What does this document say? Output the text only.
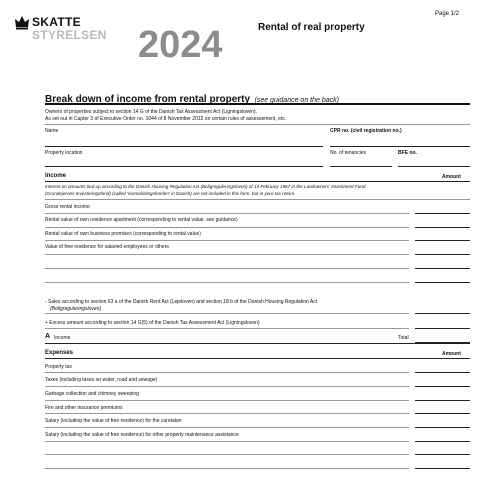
Page 1/2
SKATTE
STYRELSEN 2024	Rental of real property
Break down of income from rental property (see guidance on the back)
Owners of properties subject to section 14 G of the Danish Tax Assessment Act (Ligningsloven).
As set out in Capter 3 of Executive Order no. 1044 of 8 November 2012 on certain rules of assessement, etc.
Name	CPR no. (civil registration no.)
Property location	No. of tenancies	BFE no.
Income	Amount
Interest on amounts tied up according to the Danish Housing Regulation Act (Boligreguleringsloven) of 14 February 1967 in the Landowners' Investment Fund
(Grundejernes Investeringsfond) (called 'normalistingsfonden' in Danish) are not included in this form, but in your tax return.
Gross rental income
Rental value of own residence apartment (corresponding to rental value, see guidance)
Rental value of own business premises (corresponding to rental value)
Value of free residence for salaried employees or others
- Sales according to section 63 a of the Danish Rent Act (Lejeloven) and section 18 b of the Danish Housing Regulation Act
(Boligreguleringsloven)
+ Excess amount according to section 14 G(5) of the Danish Tax Assessment Act (Ligningsloven)
A Income	Total
Expenses	Amount
Property tax
Taxes (including taxes on water, road and sewage)
Garbage collection and chimney sweeping
Fire and other insurance premiums
Salary (including the value of free residence) for the caretaker
Salary (including the value of free residence) for other property maintenance assistance
